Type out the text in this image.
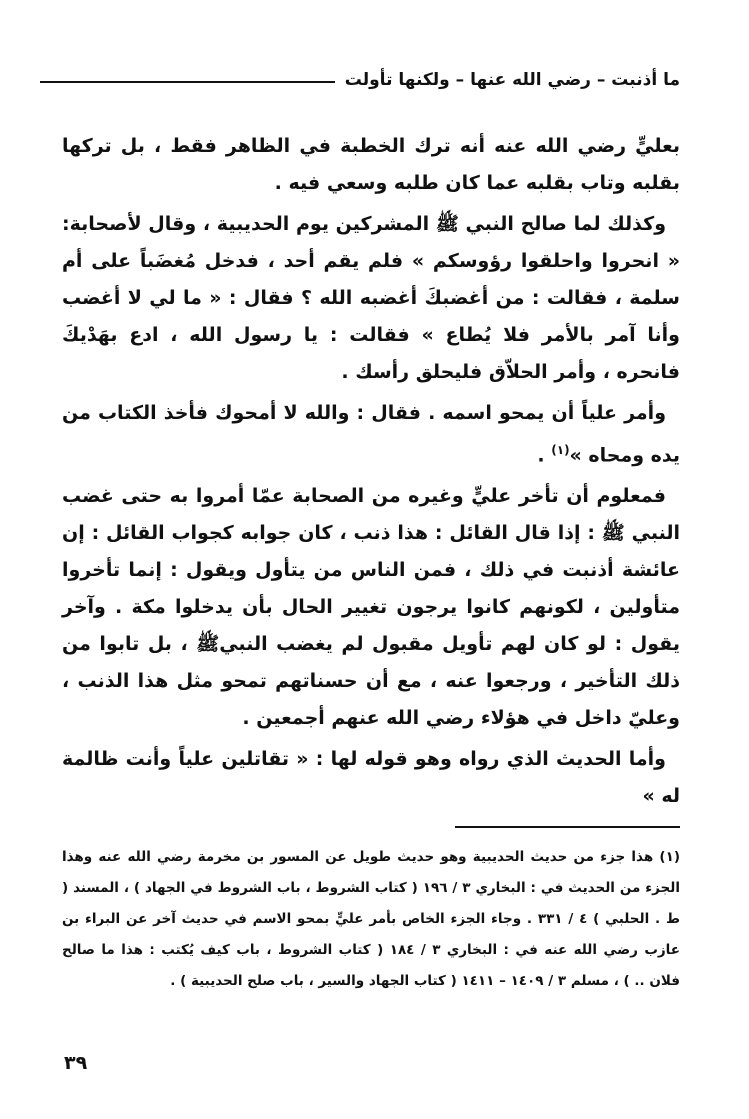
ما أذنبت – رضي الله عنها – ولكنها تأولت

بعليٍّ رضي الله عنه أنه ترك الخطبة في الظاهر فقط ، بل تركها بقلبه وتاب بقلبه عما كان طلبه وسعي فيه .

وكذلك لما صالح النبي ﷺ المشركين يوم الحديبية ، وقال لأصحابة: « انحروا واحلقوا رؤوسكم » فلم يقم أحد ، فدخل مُغضَباً على أم سلمة ، فقالت : من أغضبكَ أغضبه الله ؟ فقال : « ما لي لا أغضب وأنا آمر بالأمر فلا يُطاع » فقالت : يا رسول الله ، ادع بهَدْيكَ فانحره ، وأمر الحلاّق فليحلق رأسك .

وأمر علياً أن يمحو اسمه . فقال : والله لا أمحوك فأخذ الكتاب من يده ومحاه »$^{(١)}$ .

فمعلوم أن تأخر عليٍّ وغيره من الصحابة عمّا أمروا به حتى غضب النبي ﷺ : إذا قال القائل : هذا ذنب ، كان جوابه كجواب القائل : إن عائشة أذنبت في ذلك ، فمن الناس من يتأول ويقول : إنما تأخروا متأولين ، لكونهم كانوا يرجون تغيير الحال بأن يدخلوا مكة . وآخر يقول : لو كان لهم تأويل مقبول لم يغضب النبيﷺ ، بل تابوا من ذلك التأخير ، ورجعوا عنه ، مع أن حسناتهم تمحو مثل هذا الذنب ، وعليّ داخل في هؤلاء رضي الله عنهم أجمعين .

وأما الحديث الذي رواه وهو قوله لها : « تقاتلين علياً وأنت ظالمة له »

(١) هذا جزء من حديث الحديبية وهو حديث طويل عن المسور بن مخرمة رضي الله عنه وهذا الجزء من الحديث في : البخاري ٣ / ١٩٦ ( كتاب الشروط ، باب الشروط في الجهاد ) ، المسند ( ط . الحلبي ) ٤ / ٣٣١ . وجاء الجزء الخاص بأمر عليٍّ بمحو الاسم في حديث آخر عن البراء بن عازب رضي الله عنه في : البخاري ٣ / ١٨٤ ( كتاب الشروط ، باب كيف يُكتب : هذا ما صالح فلان .. ) ، مسلم ٣ / ١٤٠٩ – ١٤١١ ( كتاب الجهاد والسير ، باب صلح الحديبية ) .
٣٩
